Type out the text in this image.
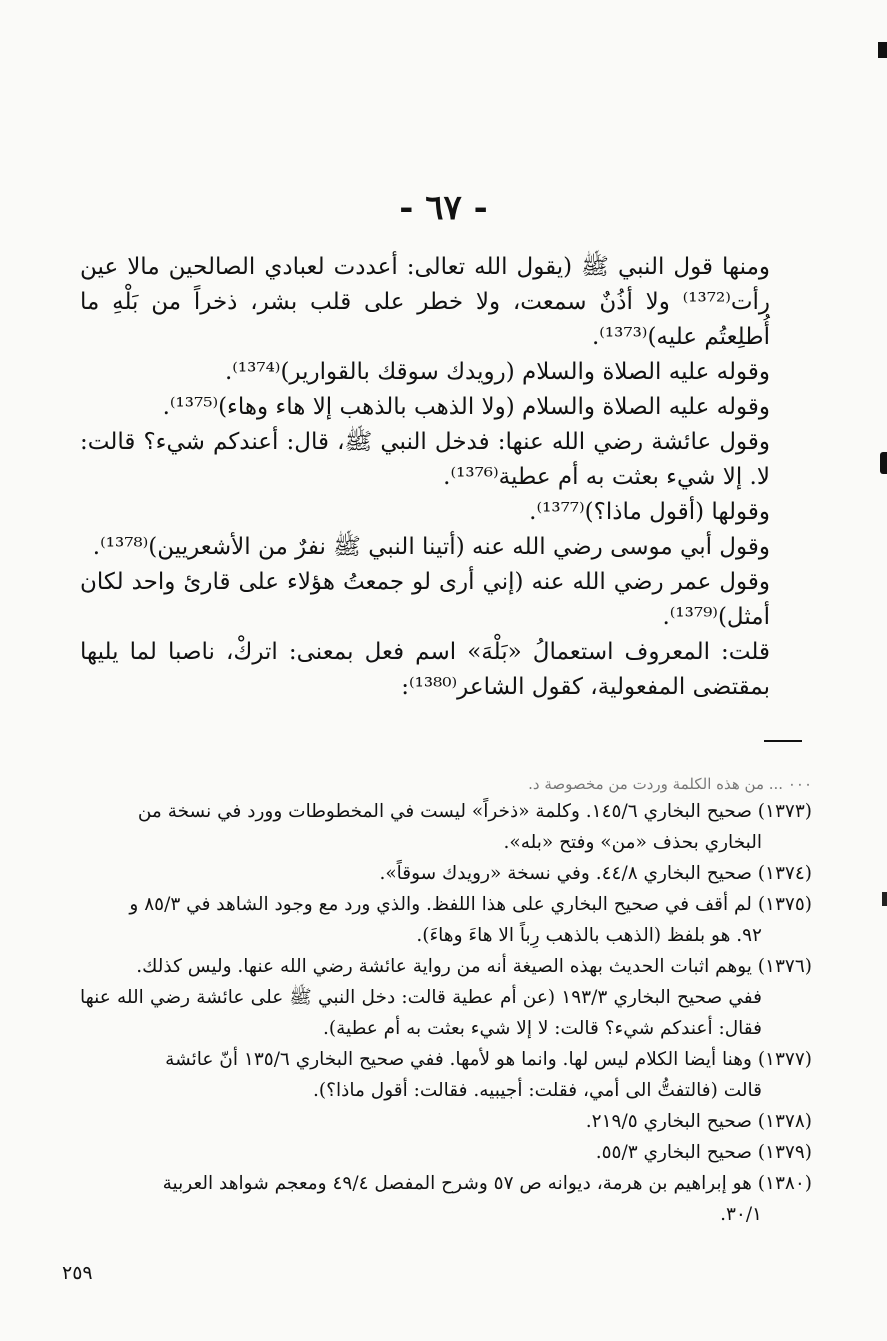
- ٦٧ -

ومنها قول النبي ﷺ (يقول الله تعالى: أعددت لعبادي الصالحين مالا عين رأت⁽¹³⁷²⁾ ولا أذُنٌ سمعت، ولا خطر على قلب بشر، ذخراً من بَلْهِ ما أُطلِعتُم عليه)⁽¹³⁷³⁾.

وقوله عليه الصلاة والسلام (رويدك سوقك بالقوارير)⁽¹³⁷⁴⁾.

وقوله عليه الصلاة والسلام (ولا الذهب بالذهب إلا هاء وهاء)⁽¹³⁷⁵⁾.

وقول عائشة رضي الله عنها: فدخل النبي ﷺ، قال: أعندكم شيء؟ قالت: لا. إلا شيء بعثت به أم عطية⁽¹³⁷⁶⁾.

وقولها (أقول ماذا؟)⁽¹³⁷⁷⁾.

وقول أبي موسى رضي الله عنه (أتينا النبي ﷺ نفرٌ من الأشعريين)⁽¹³⁷⁸⁾.

وقول عمر رضي الله عنه (إني أرى لو جمعتُ هؤلاء على قارئ واحد لكان أمثل)⁽¹³⁷⁹⁾.

قلت: المعروف استعمالُ «بَلْهَ» اسم فعل بمعنى: اتركْ، ناصبا لما يليها بمقتضى المفعولية، كقول الشاعر⁽¹³⁸⁰⁾:

٠٠٠ ... من هذه الكلمة وردت من مخصوصة د.

(١٣٧٣) صحيح البخاري ١٤٥/٦. وكلمة «ذخراً» ليست في المخطوطات وورد في نسخة من

البخاري بحذف «من» وفتح «بله».

(١٣٧٤) صحيح البخاري ٤٤/٨. وفي نسخة «رويدك سوقاً».

(١٣٧٥) لم أقف في صحيح البخاري على هذا اللفظ. والذي ورد مع وجود الشاهد في ٨٥/٣ و

٩٢. هو بلفظ (الذهب بالذهب رِباً الا هاءَ وهاءَ).

(١٣٧٦) يوهم اثبات الحديث بهذه الصيغة أنه من رواية عائشة رضي الله عنها. وليس كذلك.

ففي صحيح البخاري ١٩٣/٣ (عن أم عطية قالت: دخل النبي ﷺ على عائشة رضي الله عنها فقال: أعندكم شيء؟ قالت: لا إلا شيء بعثت به أم عطية).

(١٣٧٧) وهنا أيضا الكلام ليس لها. وانما هو لأمها. ففي صحيح البخاري ١٣٥/٦ أنّ عائشة

قالت (فالتفتُّ الى أمي، فقلت: أجيبيه. فقالت: أقول ماذا؟).

(١٣٧٨) صحيح البخاري ٢١٩/٥.

(١٣٧٩) صحيح البخاري ٥٥/٣.

(١٣٨٠) هو إبراهيم بن هرمة، ديوانه ص ٥٧ وشرح المفصل ٤٩/٤ ومعجم شواهد العربية

٣٠/١.

٢٥٩
